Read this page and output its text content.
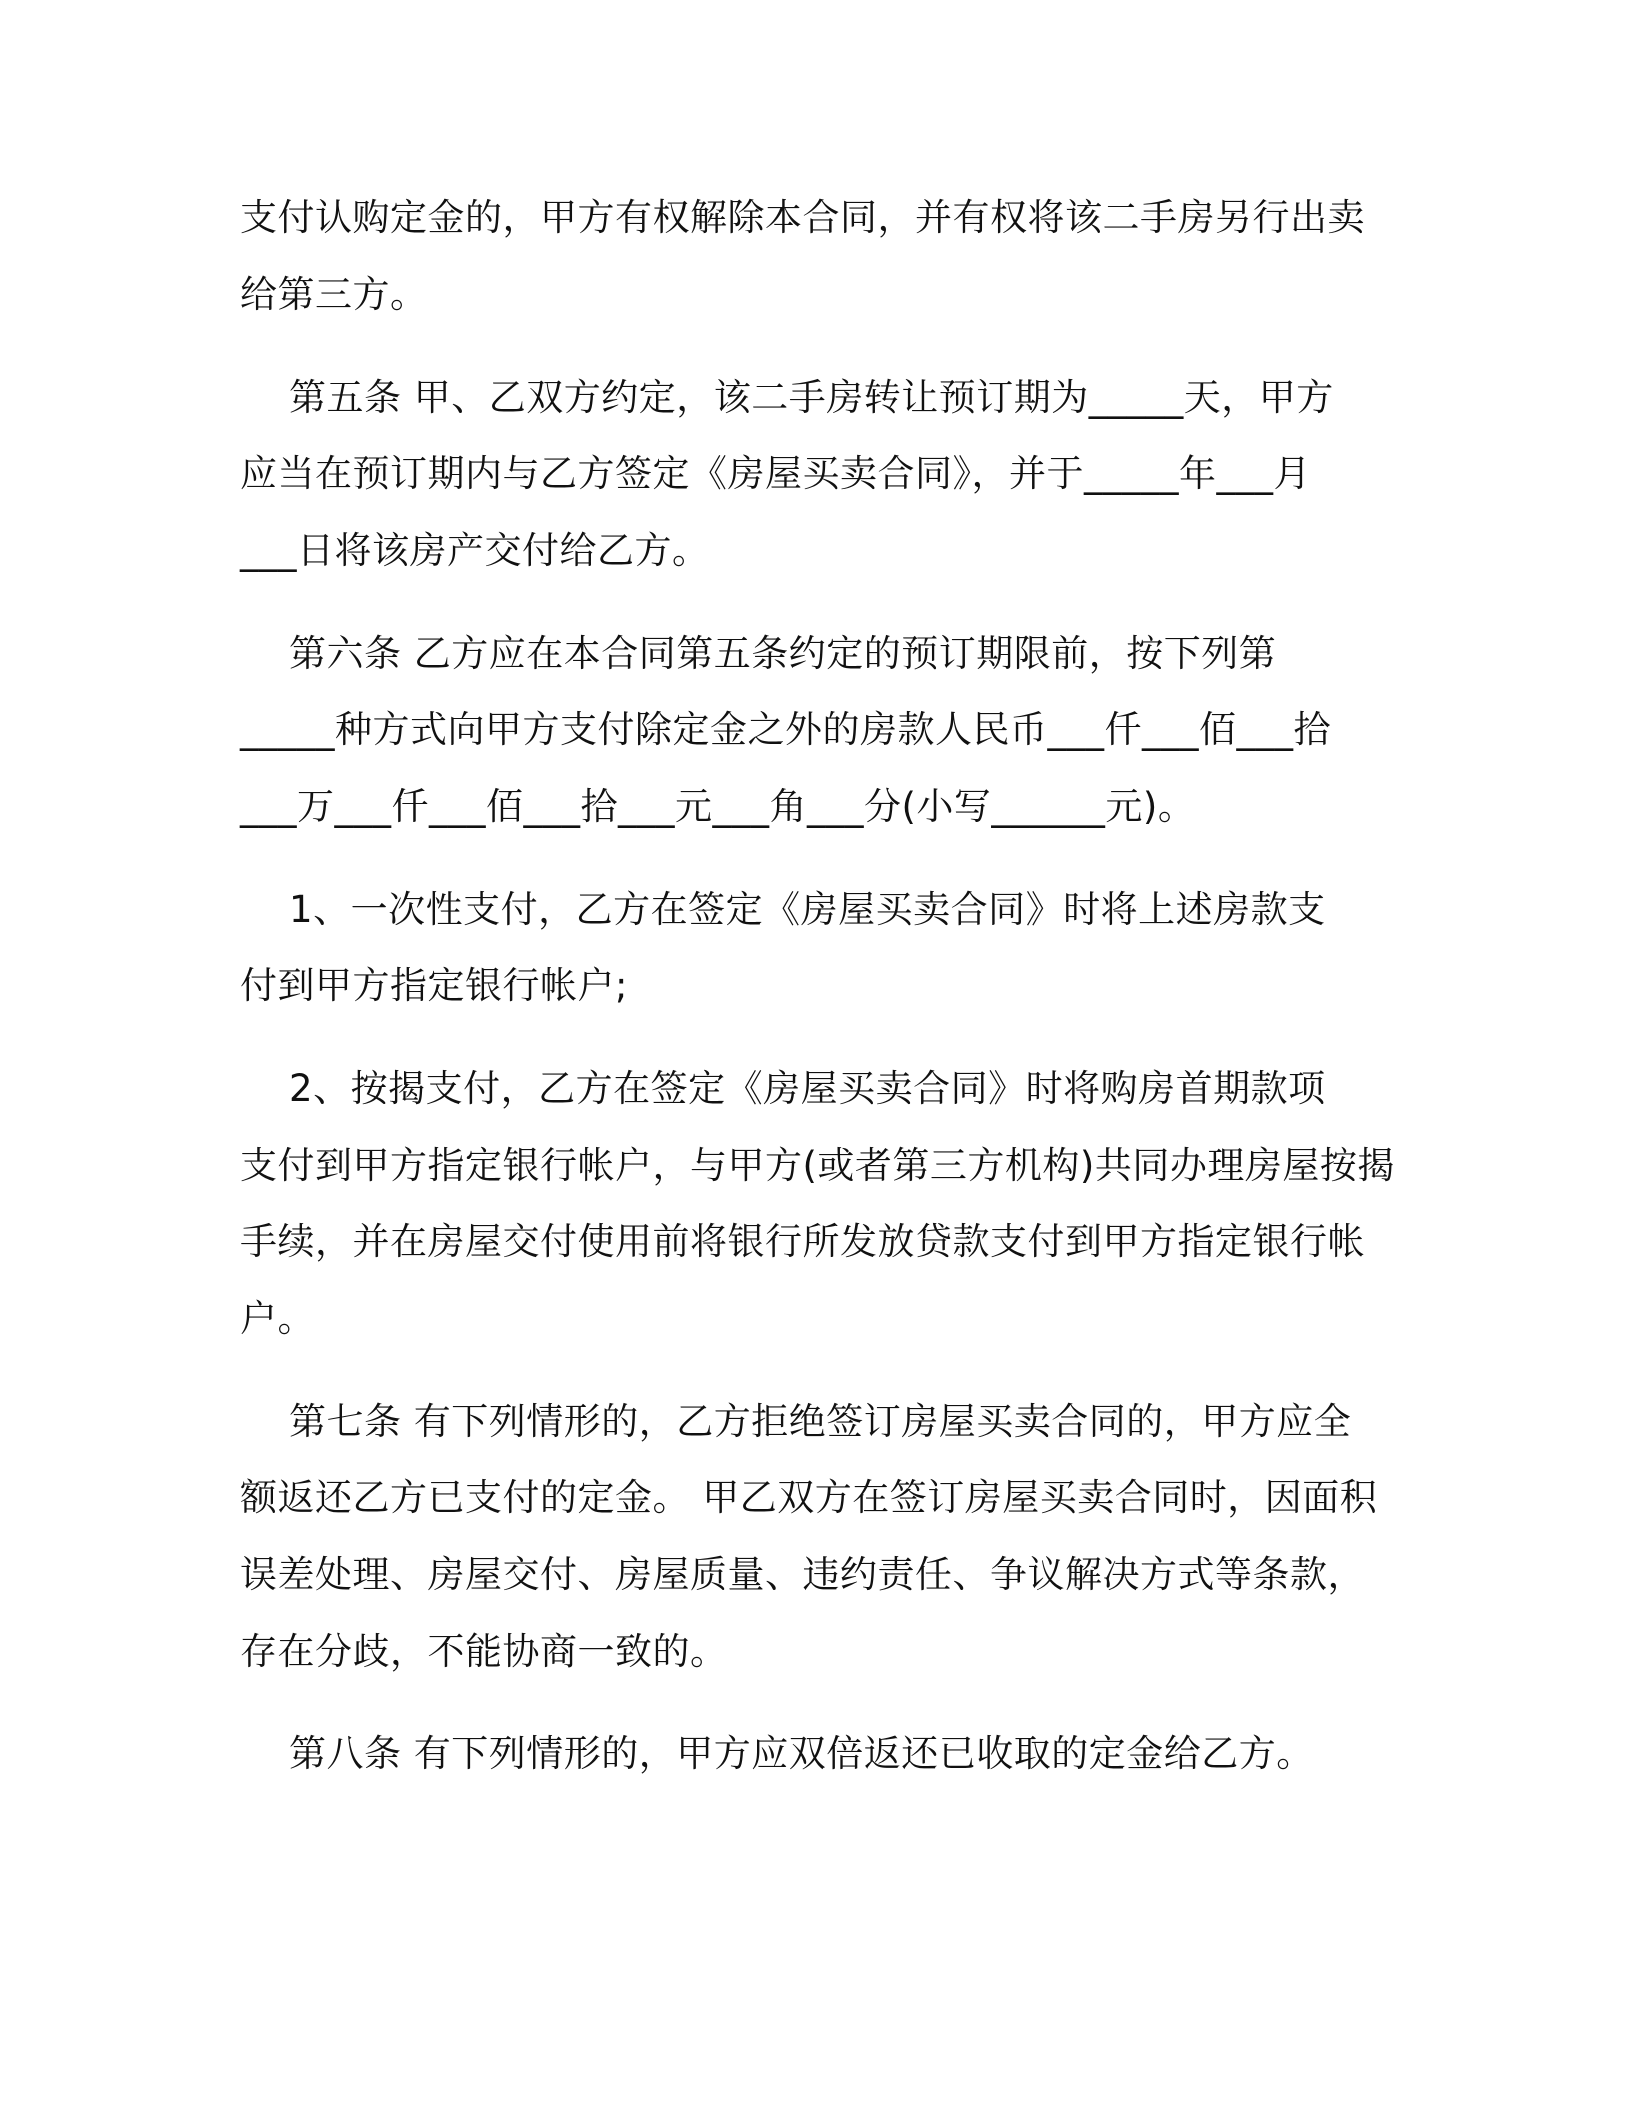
支付认购定金的，甲方有权解除本合同，并有权将该二手房另行出卖
给第三方。
第五条 甲、乙双方约定，该二手房转让预订期为_____天，甲方
应当在预订期内与乙方签定《房屋买卖合同》，并于_____年___月
___日将该房产交付给乙方。
第六条 乙方应在本合同第五条约定的预订期限前，按下列第
_____种方式向甲方支付除定金之外的房款人民币___仟___佰___拾
___万___仟___佰___拾___元___角___分(小写______元)。
1、一次性支付，乙方在签定《房屋买卖合同》时将上述房款支
付到甲方指定银行帐户;
2、按揭支付，乙方在签定《房屋买卖合同》时将购房首期款项
支付到甲方指定银行帐户，与甲方(或者第三方机构)共同办理房屋按揭
手续，并在房屋交付使用前将银行所发放贷款支付到甲方指定银行帐
户。
第七条 有下列情形的，乙方拒绝签订房屋买卖合同的，甲方应全
额返还乙方已支付的定金。 甲乙双方在签订房屋买卖合同时，因面积
误差处理、房屋交付、房屋质量、违约责任、争议解决方式等条款，
存在分歧，不能协商一致的。
第八条 有下列情形的，甲方应双倍返还已收取的定金给乙方。
